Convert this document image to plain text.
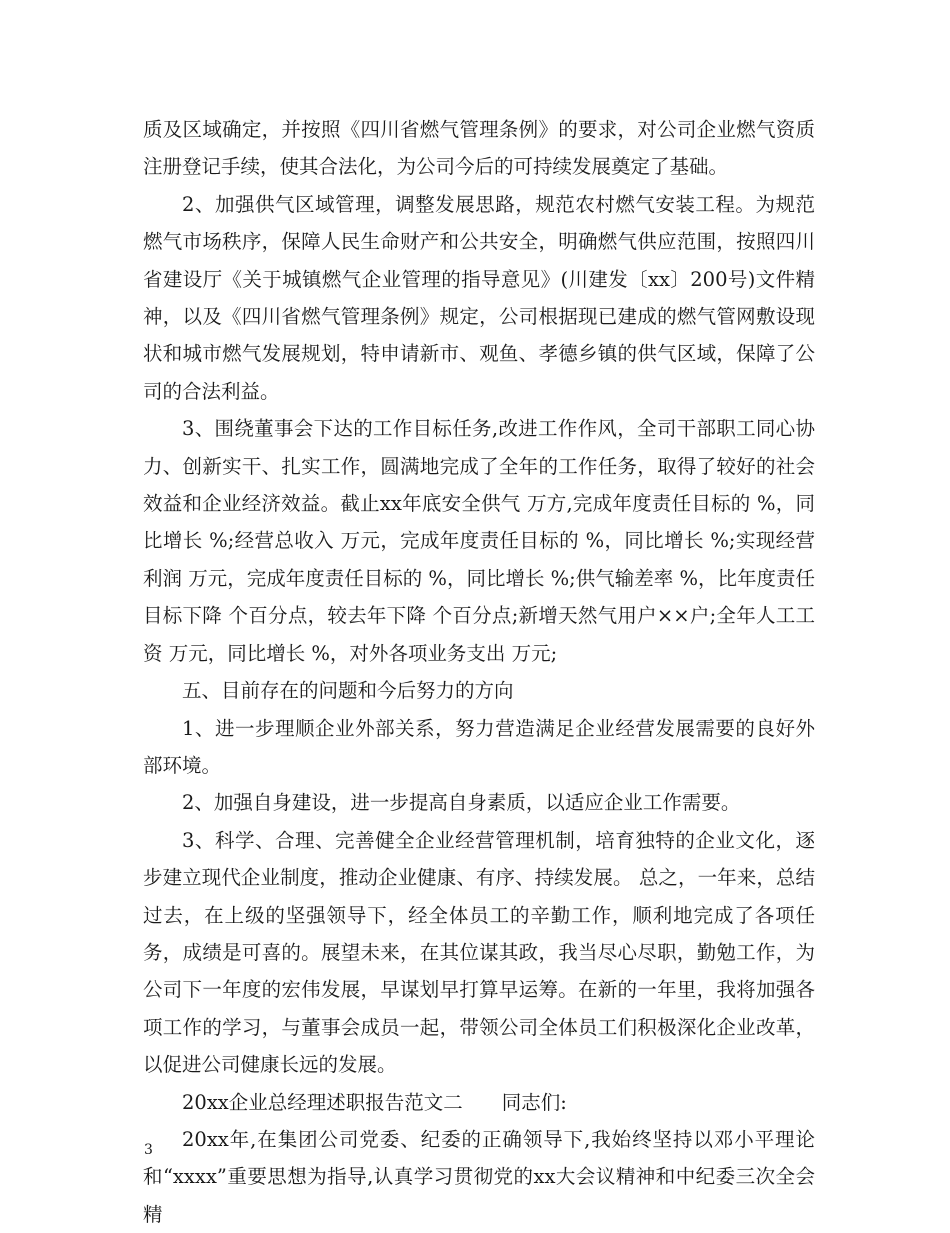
质及区域确定，并按照《四川省燃气管理条例》的要求，对公司企业燃气资质注册登记手续，使其合法化，为公司今后的可持续发展奠定了基础。

2、加强供气区域管理，调整发展思路，规范农村燃气安装工程。为规范燃气市场秩序，保障人民生命财产和公共安全，明确燃气供应范围，按照四川省建设厅《关于城镇燃气企业管理的指导意见》(川建发〔xx〕200号)文件精神，以及《四川省燃气管理条例》规定，公司根据现已建成的燃气管网敷设现状和城市燃气发展规划，特申请新市、观鱼、孝德乡镇的供气区域，保障了公司的合法利益。

3、围绕董事会下达的工作目标任务,改进工作作风，全司干部职工同心协力、创新实干、扎实工作，圆满地完成了全年的工作任务，取得了较好的社会效益和企业经济效益。截止xx年底安全供气 万方,完成年度责任目标的 %，同比增长 %;经营总收入 万元，完成年度责任目标的 %，同比增长 %;实现经营利润 万元，完成年度责任目标的 %，同比增长 %;供气输差率 %，比年度责任目标下降 个百分点，较去年下降 个百分点;新增天然气用户××户;全年人工工资 万元，同比增长 %，对外各项业务支出 万元;

五、目前存在的问题和今后努力的方向

1、进一步理顺企业外部关系，努力营造满足企业经营发展需要的良好外部环境。

2、加强自身建设，进一步提高自身素质，以适应企业工作需要。

3、科学、合理、完善健全企业经营管理机制，培育独特的企业文化，逐步建立现代企业制度，推动企业健康、有序、持续发展。 总之，一年来，总结过去，在上级的坚强领导下，经全体员工的辛勤工作，顺利地完成了各项任务，成绩是可喜的。展望未来，在其位谋其政，我当尽心尽职，勤勉工作，为公司下一年度的宏伟发展，早谋划早打算早运筹。在新的一年里，我将加强各项工作的学习，与董事会成员一起，带领公司全体员工们积极深化企业改革，以促进公司健康长远的发展。

20xx企业总经理述职报告范文二　　同志们:

20xx年,在集团公司党委、纪委的正确领导下,我始终坚持以邓小平理论和“xxxx”重要思想为指导,认真学习贯彻党的xx大会议精神和中纪委三次全会精

3
